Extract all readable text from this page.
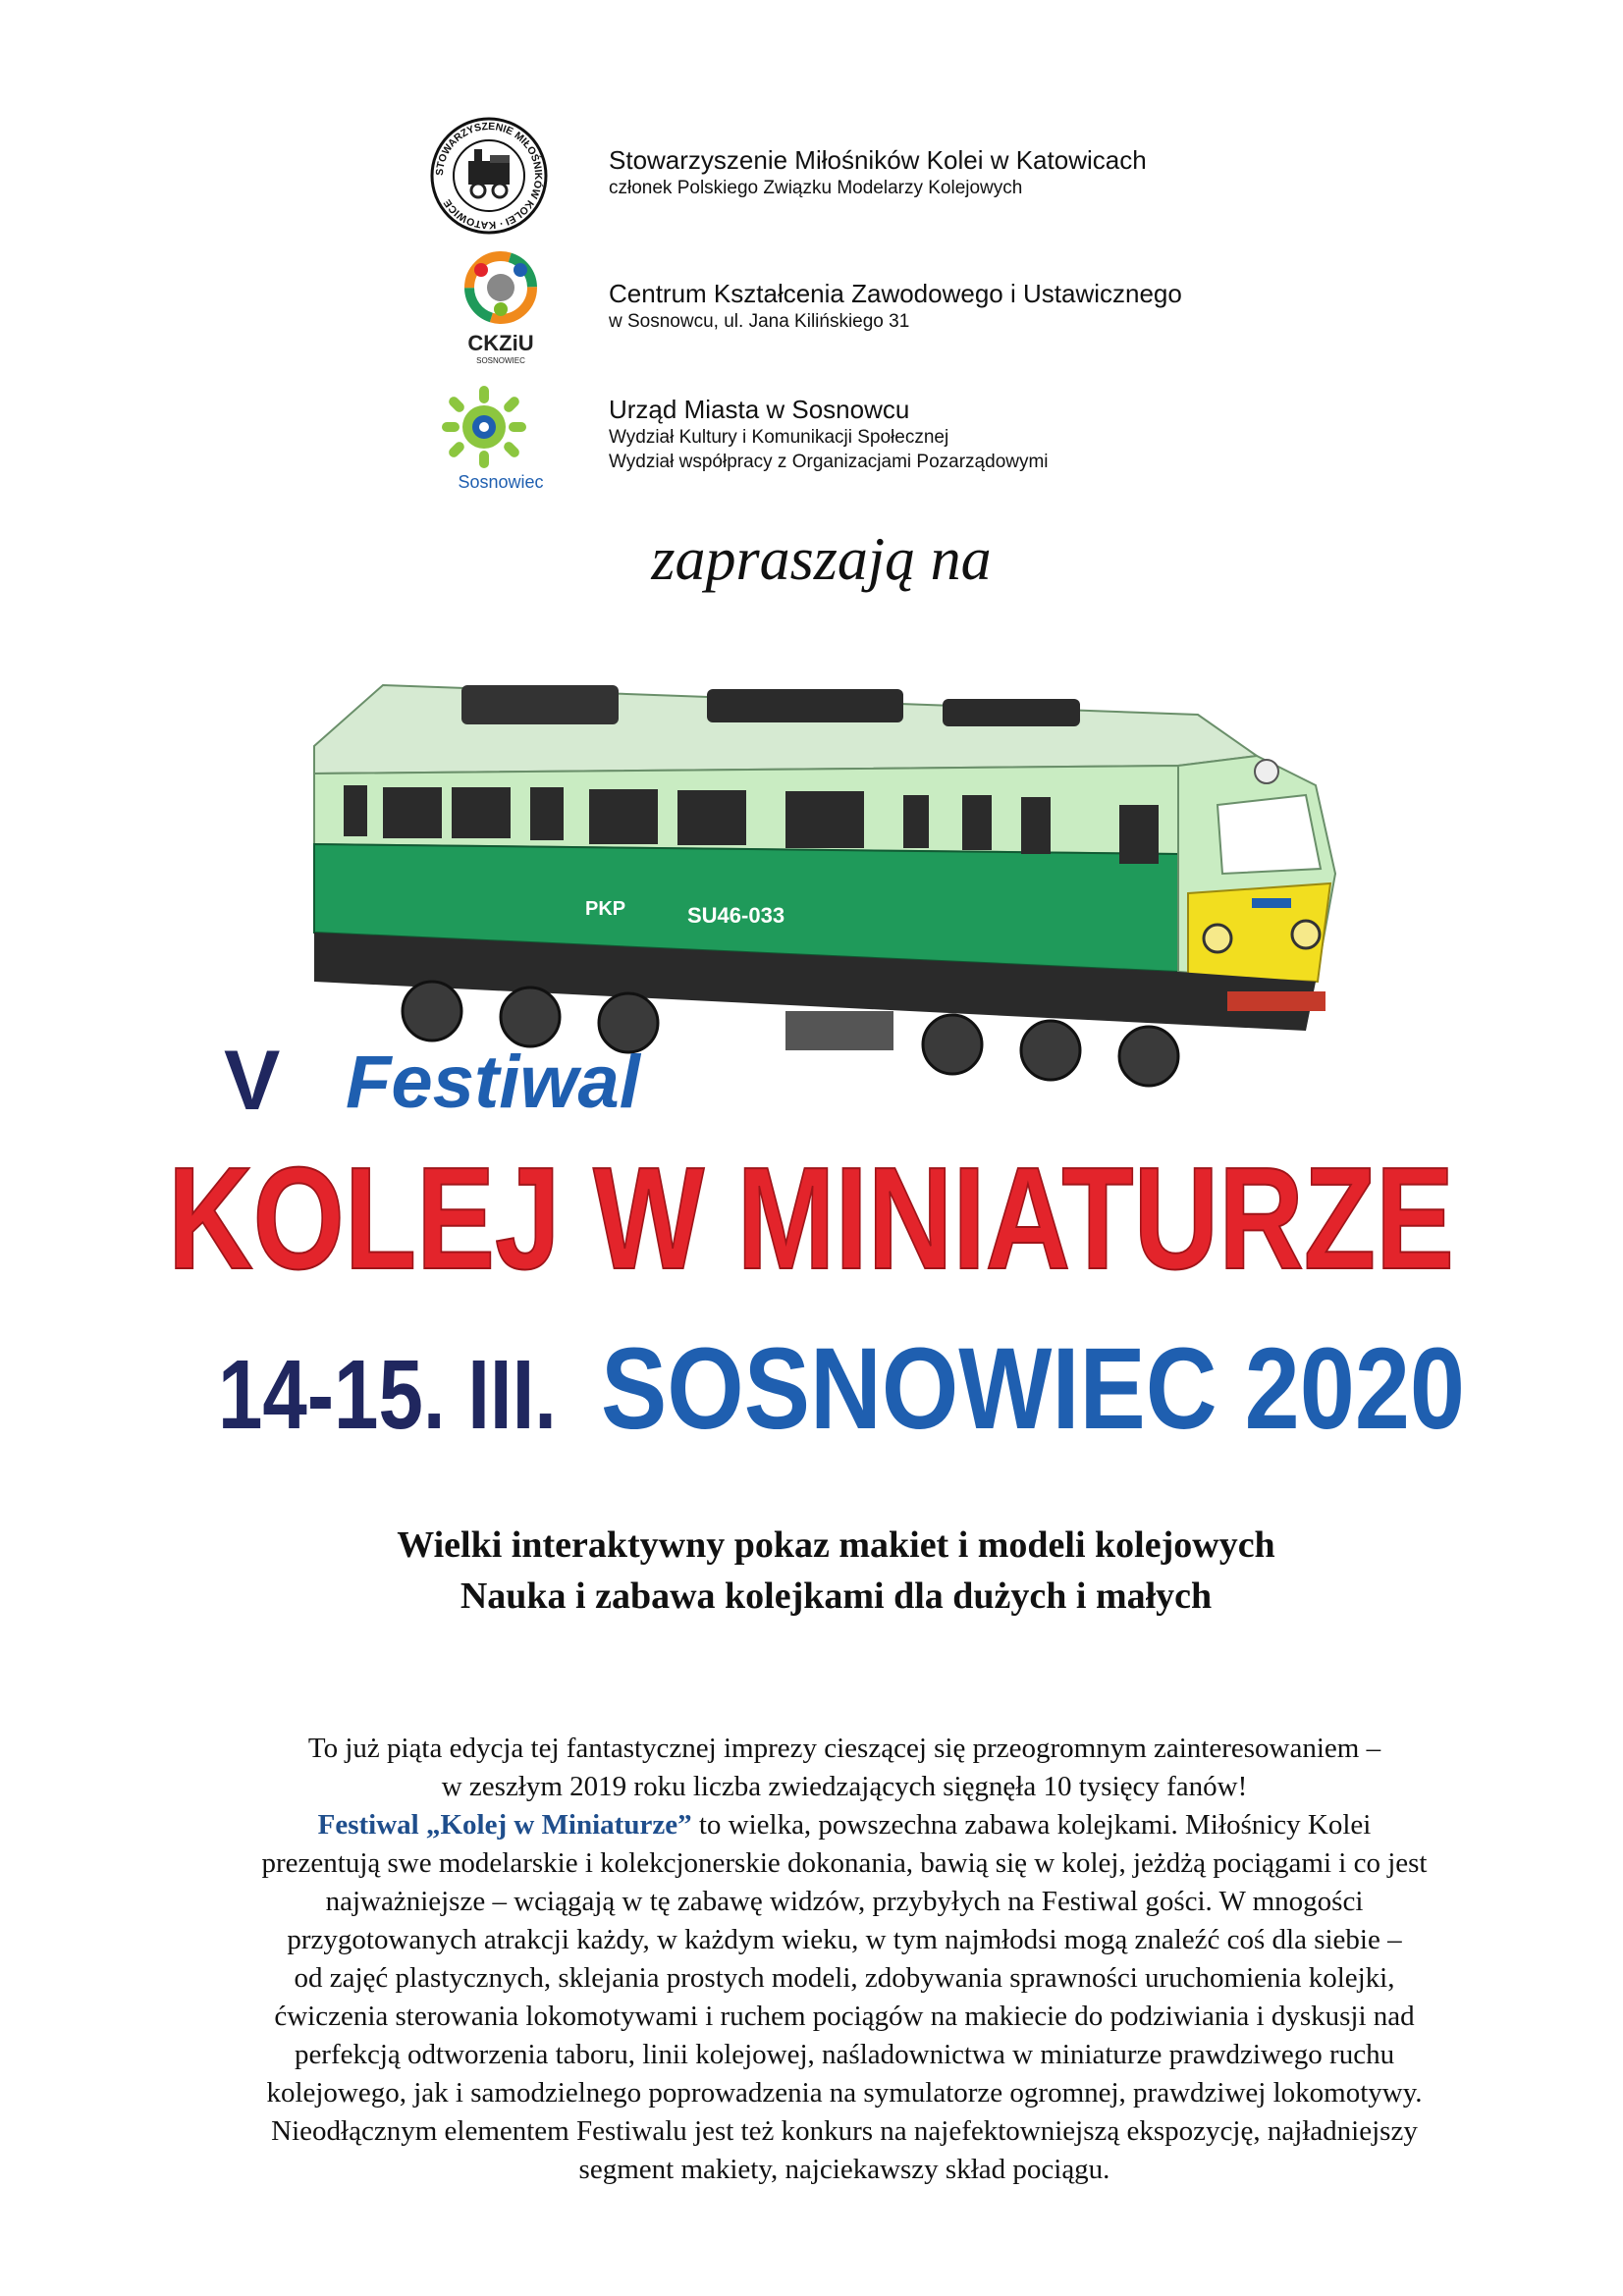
STOWARZYSZENIE MIŁOŚNIKÓW KOLEI · KATOWICE
CKZiU
SOSNOWIEC
Sosnowiec
Stowarzyszenie Miłośników Kolei w Katowicach
członek Polskiego Związku Modelarzy Kolejowych
Centrum Kształcenia Zawodowego i Ustawicznego
w Sosnowcu, ul. Jana Kilińskiego 31
Urząd Miasta w Sosnowcu
Wydział Kultury i Komunikacji Społecznej
Wydział współpracy z Organizacjami Pozarządowymi
zapraszają na
PKP	SU46-033
V Festiwal
KOLEJ W MINIATURZE
14-15. III. SOSNOWIEC 2020
Wielki interaktywny pokaz makiet i modeli kolejowych
Nauka i zabawa kolejkami dla dużych i małych

To już piąta edycja tej fantastycznej imprezy cieszącej się przeogromnym zainteresowaniem –

w zeszłym 2019 roku liczba zwiedzających sięgnęła 10 tysięcy fanów!

Festiwal „Kolej w Miniaturze” to wielka, powszechna zabawa kolejkami. Miłośnicy Kolei

prezentują swe modelarskie i kolekcjonerskie dokonania, bawią się w kolej, jeżdżą pociągami i co jest

najważniejsze – wciągają w tę zabawę widzów, przybyłych na Festiwal gości. W mnogości

przygotowanych atrakcji każdy, w każdym wieku, w tym najmłodsi mogą znaleźć coś dla siebie –

od zajęć plastycznych, sklejania prostych modeli, zdobywania sprawności uruchomienia kolejki,

ćwiczenia sterowania lokomotywami i ruchem pociągów na makiecie do podziwiania i dyskusji nad

perfekcją odtworzenia taboru, linii kolejowej, naśladownictwa w miniaturze prawdziwego ruchu

kolejowego, jak i samodzielnego poprowadzenia na symulatorze ogromnej, prawdziwej lokomotywy.

Nieodłącznym elementem Festiwalu jest też konkurs na najefektowniejszą ekspozycję, najładniejszy

segment makiety, najciekawszy skład pociągu.
